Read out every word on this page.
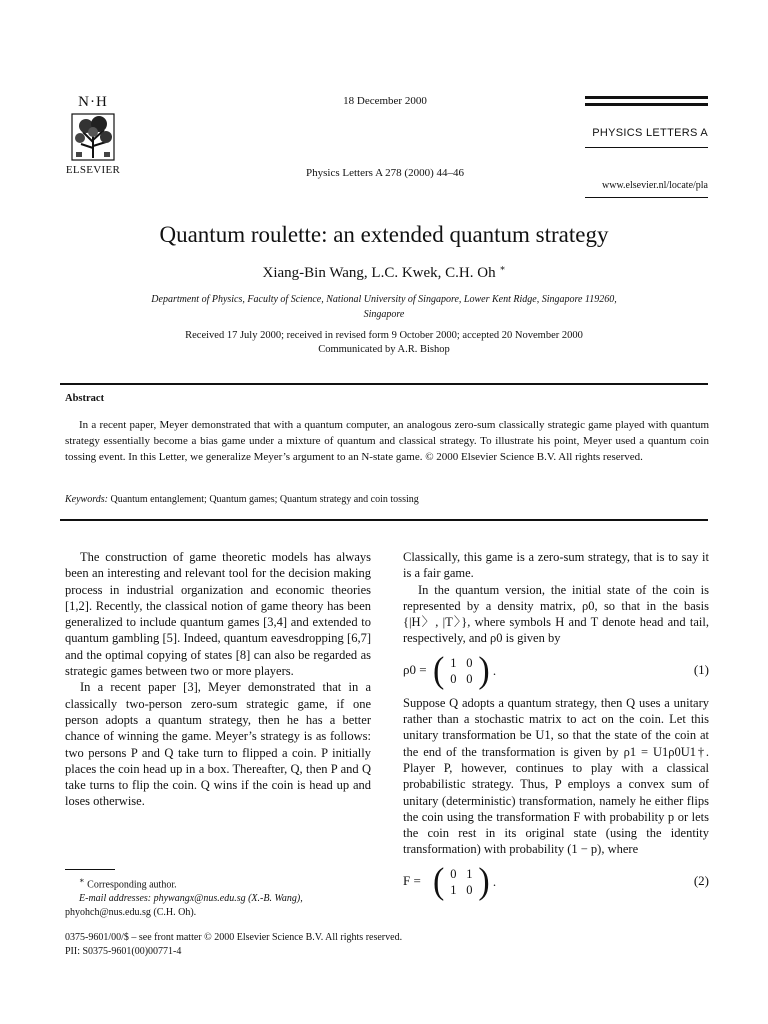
N·H
ELSEVIER
18 December 2000
PHYSICS LETTERS A
Physics Letters A 278 (2000) 44–46
www.elsevier.nl/locate/pla
Quantum roulette: an extended quantum strategy
Xiang-Bin Wang, L.C. Kwek, C.H. Oh ∗
Department of Physics, Faculty of Science, National University of Singapore, Lower Kent Ridge, Singapore 119260,
Singapore
Received 17 July 2000; received in revised form 9 October 2000; accepted 20 November 2000
Communicated by A.R. Bishop
Abstract
In a recent paper, Meyer demonstrated that with a quantum computer, an analogous zero-sum classically strategic game played with quantum strategy essentially become a bias game under a mixture of quantum and classical strategy. To illustrate his point, Meyer used a quantum coin tossing event. In this Letter, we generalize Meyer’s argument to an N-state game. © 2000 Elsevier Science B.V. All rights reserved.
Keywords: Quantum entanglement; Quantum games; Quantum strategy and coin tossing

The construction of game theoretic models has always been an interesting and relevant tool for the decision making process in industrial organization and economic theories [1,2]. Recently, the classical notion of game theory has been generalized to include quantum games [3,4] and extended to quantum gambling [5]. Indeed, quantum eavesdropping [6,7] and the optimal copying of states [8] can also be regarded as strategic games between two or more players.

In a recent paper [3], Meyer demonstrated that in a classically two-person zero-sum strategic game, if one person adopts a quantum strategy, then he has a better chance of winning the game. Meyer’s strategy is as follows: two persons P and Q take turn to flipped a coin. P initially places the coin head up in a box. Thereafter, Q, then P and Q take turns to flip the coin. Q wins if the coin is head up and loses otherwise.

Classically, this game is a zero-sum strategy, that is to say it is a fair game.

In the quantum version, the initial state of the coin is represented by a density matrix, ρ0, so that in the basis {|H〉, |T〉}, where symbols H and T denote head and tail, respectively, and ρ0 is given by

ρ0 = ( 1 0
0 0 ) .	(1)

Suppose Q adopts a quantum strategy, then Q uses a unitary rather than a stochastic matrix to act on the coin. Let this unitary transformation be U1, so that the state of the coin at the end of the transformation is given by ρ1 = U1ρ0U1†. Player P, however, continues to play with a classical probabilistic strategy. Thus, P employs a convex sum of unitary (deterministic) transformation, namely he either flips the coin using the transformation F with probability p or lets the coin rest in its original state (using the identity transformation) with probability (1 − p), where

F = ( 0 1
1 0 ) .	(2)
∗ Corresponding author.
E-mail addresses: phywangx@nus.edu.sg (X.-B. Wang),
phyohch@nus.edu.sg (C.H. Oh).
0375-9601/00/$ – see front matter © 2000 Elsevier Science B.V. All rights reserved.
PII: S0375-9601(00)00771-4
